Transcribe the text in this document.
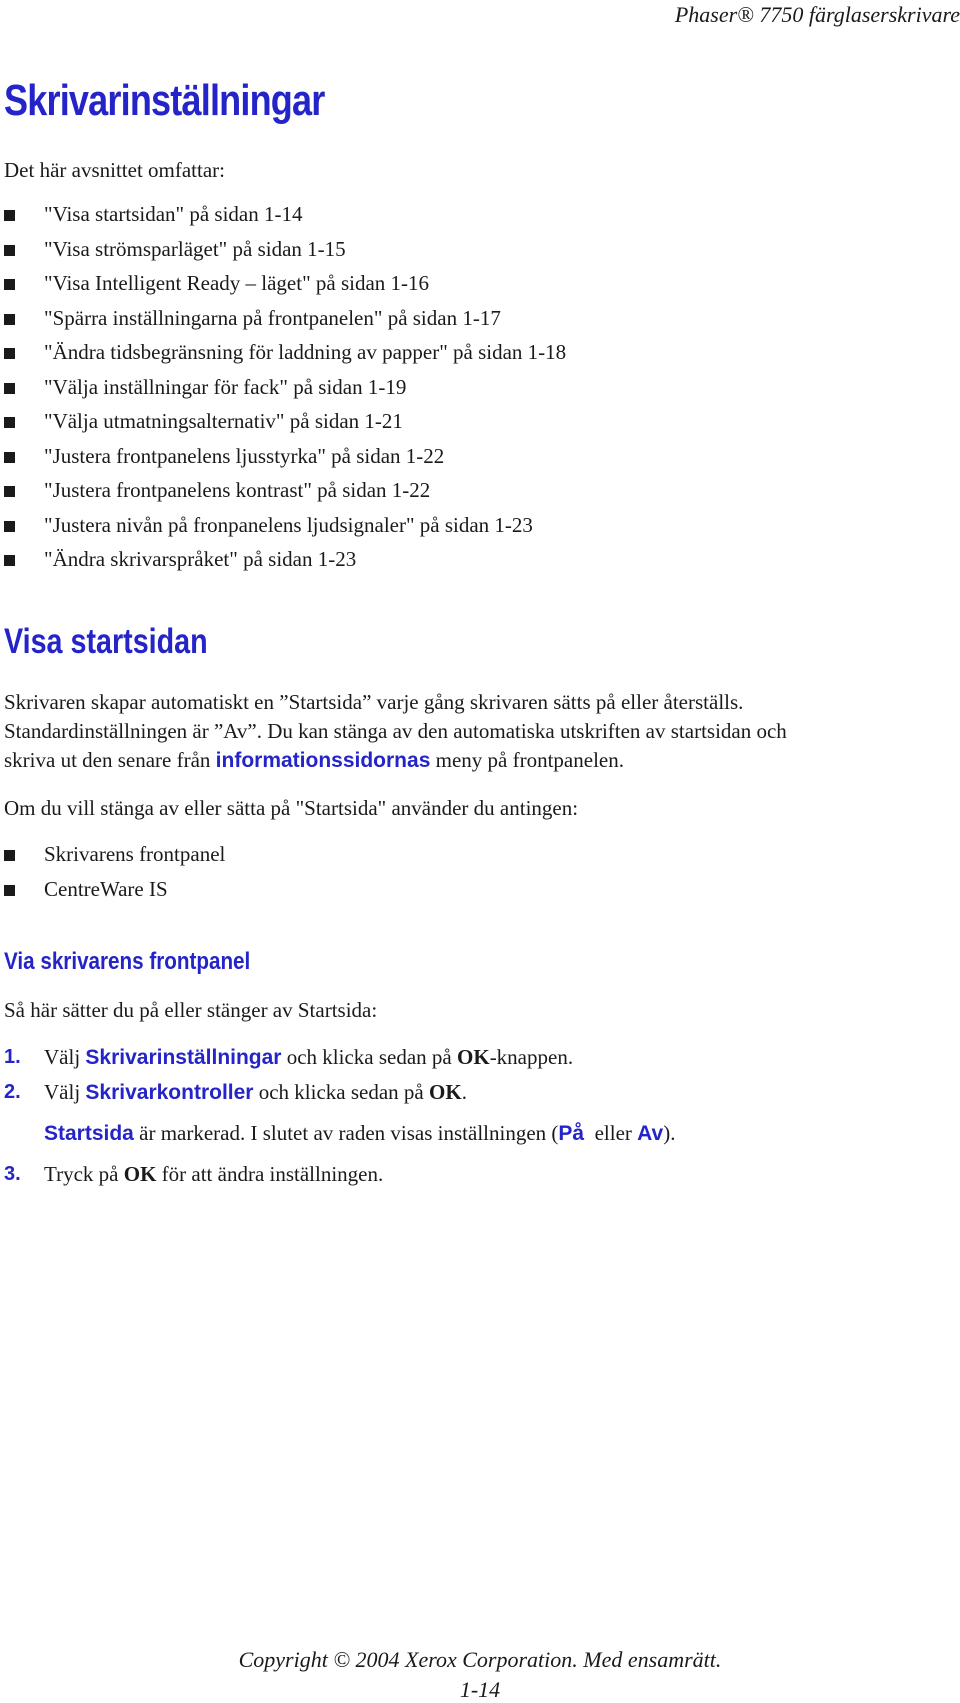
Phaser® 7750 färglaserskrivare
Skrivarinställningar

Det här avsnittet omfattar:

"Visa startsidan" på sidan 1-14
"Visa strömsparläget" på sidan 1-15
"Visa Intelligent Ready – läget" på sidan 1-16
"Spärra inställningarna på frontpanelen" på sidan 1-17
"Ändra tidsbegränsning för laddning av papper" på sidan 1-18
"Välja inställningar för fack" på sidan 1-19
"Välja utmatningsalternativ" på sidan 1-21
"Justera frontpanelens ljusstyrka" på sidan 1-22
"Justera frontpanelens kontrast" på sidan 1-22
"Justera nivån på fronpanelens ljudsignaler" på sidan 1-23
"Ändra skrivarspråket" på sidan 1-23
Visa startsidan

Skrivaren skapar automatiskt en ”Startsida” varje gång skrivaren sätts på eller återställs.

Standardinställningen är ”Av”. Du kan stänga av den automatiska utskriften av startsidan och

skriva ut den senare från informationssidornas meny på frontpanelen.

Om du vill stänga av eller sätta på "Startsida" använder du antingen:

Skrivarens frontpanel
CentreWare IS
Via skrivarens frontpanel

Så här sätter du på eller stänger av Startsida:

1. Välj Skrivarinställningar och klicka sedan på OK-knappen.
2. Välj Skrivarkontroller och klicka sedan på OK.
Startsida är markerad. I slutet av raden visas inställningen (På  eller Av).
3. Tryck på OK för att ändra inställningen.
Copyright © 2004 Xerox Corporation. Med ensamrätt.
1-14
